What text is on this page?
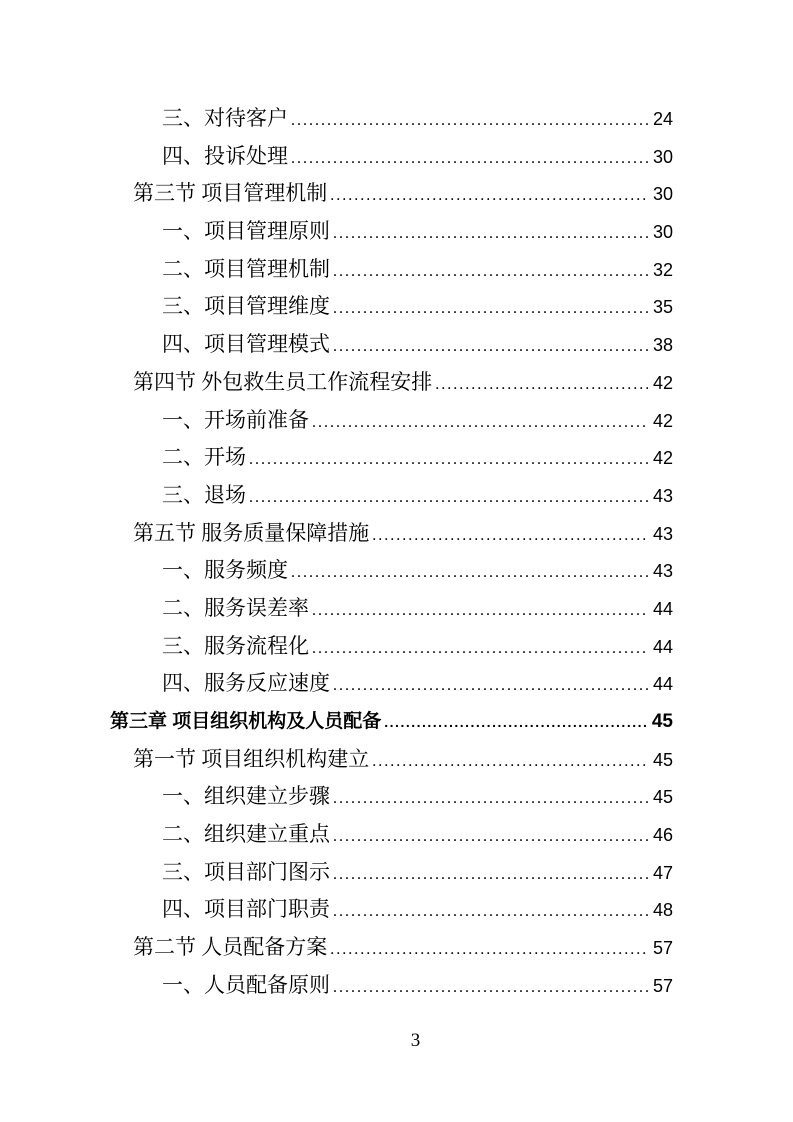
三、对待客户 .....	24
四、投诉处理 .....	30
第三节 项目管理机制 .....	30
一、项目管理原则 .....	30
二、项目管理机制 .....	32
三、项目管理维度 .....	35
四、项目管理模式 .....	38
第四节 外包救生员工作流程安排 .....	42
一、开场前准备 .....	42
二、开场 .....	42
三、退场 .....	43
第五节 服务质量保障措施 .....	43
一、服务频度 .....	43
二、服务误差率 .....	44
三、服务流程化 .....	44
四、服务反应速度 .....	44
第三章 项目组织机构及人员配备 .....	45
第一节 项目组织机构建立 .....	45
一、组织建立步骤 .....	45
二、组织建立重点 .....	46
三、项目部门图示 .....	47
四、项目部门职责 .....	48
第二节 人员配备方案 .....	57
一、人员配备原则 .....	57
3
